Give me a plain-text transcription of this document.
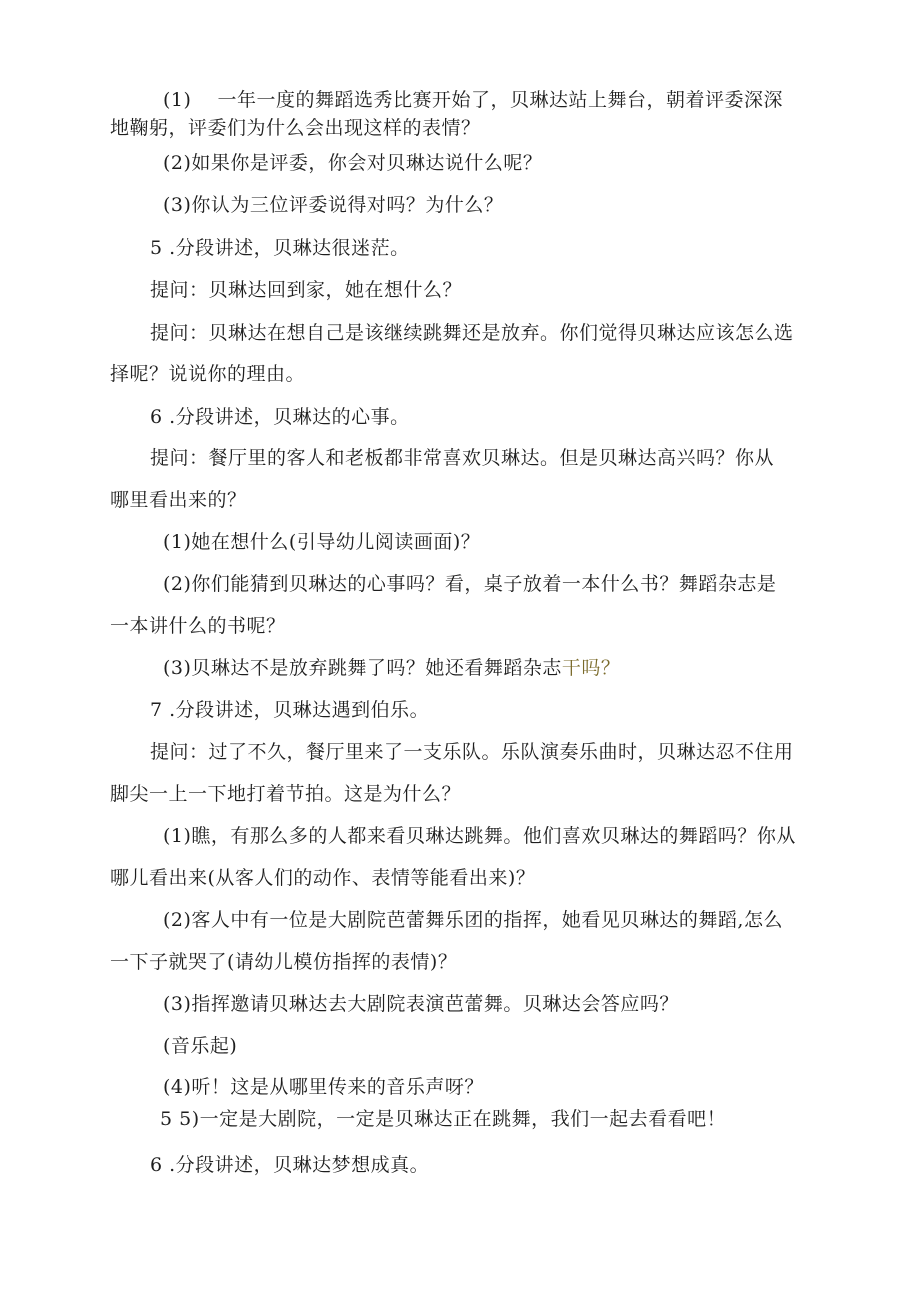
(1)　 一年一度的舞蹈选秀比赛开始了，贝琳达站上舞台，朝着评委深深
地鞠躬，评委们为什么会出现这样的表情？
(2)如果你是评委，你会对贝琳达说什么呢？
(3)你认为三位评委说得对吗？为什么？
5 .分段讲述，贝琳达很迷茫。
提问：贝琳达回到家，她在想什么？
提问：贝琳达在想自己是该继续跳舞还是放弃。你们觉得贝琳达应该怎么选
择呢？说说你的理由。
6 .分段讲述，贝琳达的心事。
提问：餐厅里的客人和老板都非常喜欢贝琳达。但是贝琳达高兴吗？你从
哪里看出来的？
(1)她在想什么(引导幼儿阅读画面)？
(2)你们能猜到贝琳达的心事吗？看，桌子放着一本什么书？舞蹈杂志是
一本讲什么的书呢？
(3)贝琳达不是放弃跳舞了吗？她还看舞蹈杂志干吗？
7 .分段讲述，贝琳达遇到伯乐。
提问：过了不久，餐厅里来了一支乐队。乐队演奏乐曲时，贝琳达忍不住用
脚尖一上一下地打着节拍。这是为什么？
(1)瞧，有那么多的人都来看贝琳达跳舞。他们喜欢贝琳达的舞蹈吗？你从
哪儿看出来(从客人们的动作、表情等能看出来)？
(2)客人中有一位是大剧院芭蕾舞乐团的指挥，她看见贝琳达的舞蹈,怎么
一下子就哭了(请幼儿模仿指挥的表情)？
(3)指挥邀请贝琳达去大剧院表演芭蕾舞。贝琳达会答应吗？
(音乐起)
(4)听！这是从哪里传来的音乐声呀？
5 5)一定是大剧院，一定是贝琳达正在跳舞，我们一起去看看吧！
6 .分段讲述，贝琳达梦想成真。
